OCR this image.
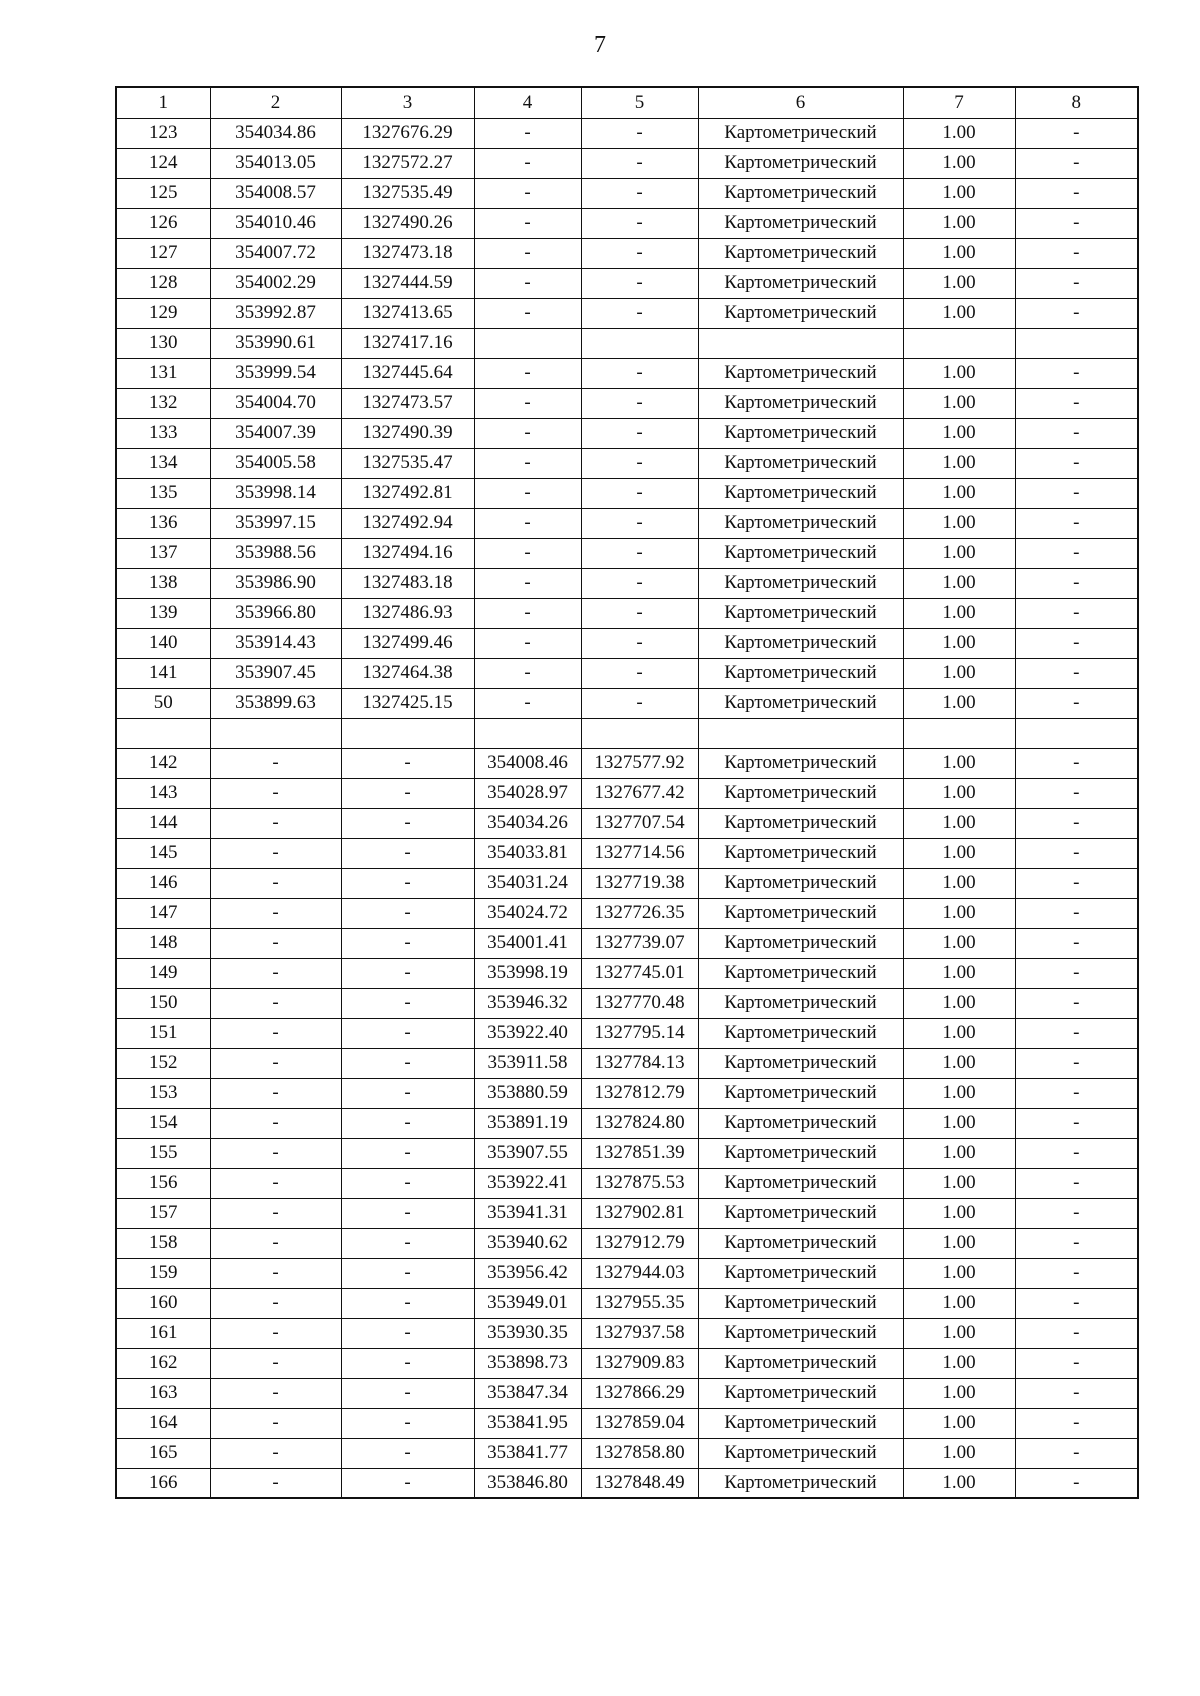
7
1	2	3	4	5	6	7	8
123	354034.86	1327676.29	-	-	Картометрический	1.00	-
124	354013.05	1327572.27	-	-	Картометрический	1.00	-
125	354008.57	1327535.49	-	-	Картометрический	1.00	-
126	354010.46	1327490.26	-	-	Картометрический	1.00	-
127	354007.72	1327473.18	-	-	Картометрический	1.00	-
128	354002.29	1327444.59	-	-	Картометрический	1.00	-
129	353992.87	1327413.65	-	-	Картометрический	1.00	-
130	353990.61	1327417.16					
131	353999.54	1327445.64	-	-	Картометрический	1.00	-
132	354004.70	1327473.57	-	-	Картометрический	1.00	-
133	354007.39	1327490.39	-	-	Картометрический	1.00	-
134	354005.58	1327535.47	-	-	Картометрический	1.00	-
135	353998.14	1327492.81	-	-	Картометрический	1.00	-
136	353997.15	1327492.94	-	-	Картометрический	1.00	-
137	353988.56	1327494.16	-	-	Картометрический	1.00	-
138	353986.90	1327483.18	-	-	Картометрический	1.00	-
139	353966.80	1327486.93	-	-	Картометрический	1.00	-
140	353914.43	1327499.46	-	-	Картометрический	1.00	-
141	353907.45	1327464.38	-	-	Картометрический	1.00	-
50	353899.63	1327425.15	-	-	Картометрический	1.00	-

142	-	-	354008.46	1327577.92	Картометрический	1.00	-
143	-	-	354028.97	1327677.42	Картометрический	1.00	-
144	-	-	354034.26	1327707.54	Картометрический	1.00	-
145	-	-	354033.81	1327714.56	Картометрический	1.00	-
146	-	-	354031.24	1327719.38	Картометрический	1.00	-
147	-	-	354024.72	1327726.35	Картометрический	1.00	-
148	-	-	354001.41	1327739.07	Картометрический	1.00	-
149	-	-	353998.19	1327745.01	Картометрический	1.00	-
150	-	-	353946.32	1327770.48	Картометрический	1.00	-
151	-	-	353922.40	1327795.14	Картометрический	1.00	-
152	-	-	353911.58	1327784.13	Картометрический	1.00	-
153	-	-	353880.59	1327812.79	Картометрический	1.00	-
154	-	-	353891.19	1327824.80	Картометрический	1.00	-
155	-	-	353907.55	1327851.39	Картометрический	1.00	-
156	-	-	353922.41	1327875.53	Картометрический	1.00	-
157	-	-	353941.31	1327902.81	Картометрический	1.00	-
158	-	-	353940.62	1327912.79	Картометрический	1.00	-
159	-	-	353956.42	1327944.03	Картометрический	1.00	-
160	-	-	353949.01	1327955.35	Картометрический	1.00	-
161	-	-	353930.35	1327937.58	Картометрический	1.00	-
162	-	-	353898.73	1327909.83	Картометрический	1.00	-
163	-	-	353847.34	1327866.29	Картометрический	1.00	-
164	-	-	353841.95	1327859.04	Картометрический	1.00	-
165	-	-	353841.77	1327858.80	Картометрический	1.00	-
166	-	-	353846.80	1327848.49	Картометрический	1.00	-
